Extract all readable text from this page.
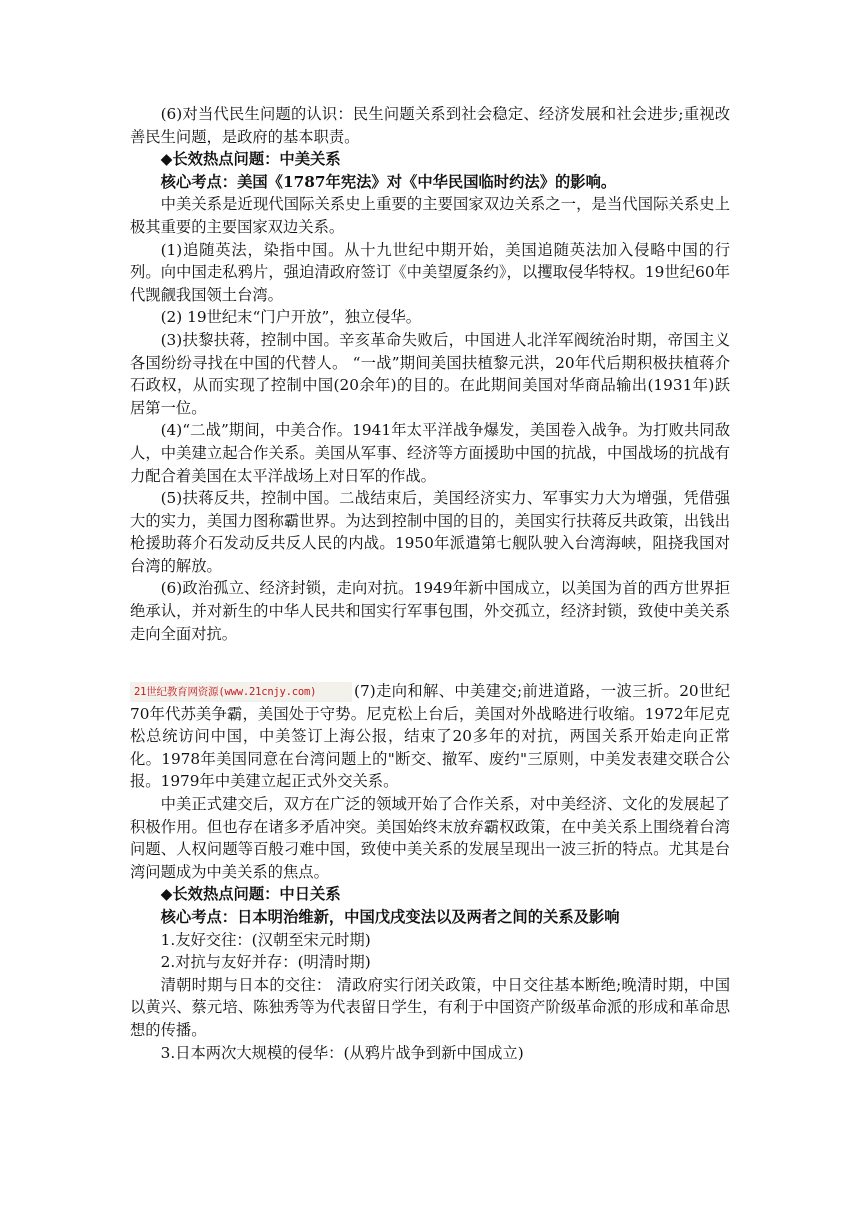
(6)对当代民生问题的认识：民生问题关系到社会稳定、经济发展和社会进步;重视改善民生问题，是政府的基本职责。

◆长效热点问题：中美关系

核心考点：美国《1787年宪法》对《中华民国临时约法》的影响。

中美关系是近现代国际关系史上重要的主要国家双边关系之一，是当代国际关系史上极其重要的主要国家双边关系。

(1)追随英法，染指中国。从十九世纪中期开始，美国追随英法加入侵略中国的行列。向中国走私鸦片，强迫清政府签订《中美望厦条约》，以攫取侵华特权。19世纪60年代觊觎我国领土台湾。

(2) 19世纪末“门户开放”，独立侵华。

(3)扶黎扶蒋，控制中国。辛亥革命失败后，中国进人北洋军阀统治时期，帝国主义各国纷纷寻找在中国的代替人。 “一战”期间美国扶植黎元洪，20年代后期积极扶植蒋介石政权，从而实现了控制中国(20余年)的目的。在此期间美国对华商品输出(1931年)跃居第一位。

(4)“二战”期间，中美合作。1941年太平洋战争爆发，美国卷入战争。为打败共同敌人，中美建立起合作关系。美国从军事、经济等方面援助中国的抗战，中国战场的抗战有力配合着美国在太平洋战场上对日军的作战。

(5)扶蒋反共，控制中国。二战结束后，美国经济实力、军事实力大为增强，凭借强大的实力，美国力图称霸世界。为达到控制中国的目的，美国实行扶蒋反共政策，出钱出枪援助蒋介石发动反共反人民的内战。1950年派遣第七舰队驶入台湾海峡，阻挠我国对台湾的解放。

(6)政治孤立、经济封锁，走向对抗。1949年新中国成立，以美国为首的西方世界拒绝承认，并对新生的中华人民共和国实行军事包围，外交孤立，经济封锁，致使中美关系走向全面对抗。

21世纪教育网资源(www.21cnjy.com) (7)走向和解、中美建交;前进道路，一波三折。20世纪70年代苏美争霸，美国处于守势。尼克松上台后，美国对外战略进行收缩。1972年尼克松总统访问中国，中美签订上海公报，结束了20多年的对抗，两国关系开始走向正常化。1978年美国同意在台湾问题上的"断交、撤军、废约"三原则，中美发表建交联合公报。1979年中美建立起正式外交关系。

中美正式建交后，双方在广泛的领域开始了合作关系，对中美经济、文化的发展起了积极作用。但也存在诸多矛盾冲突。美国始终末放弃霸权政策，在中美关系上围绕着台湾问题、人权问题等百般刁难中国，致使中美关系的发展呈现出一波三折的特点。尤其是台湾问题成为中美关系的焦点。

◆长效热点问题：中日关系

核心考点：日本明治维新，中国戊戌变法以及两者之间的关系及影响

1.友好交往：(汉朝至宋元时期)

2.对抗与友好并存：(明清时期)

清朝时期与日本的交往： 清政府实行闭关政策，中日交往基本断绝;晚清时期，中国以黄兴、蔡元培、陈独秀等为代表留日学生，有利于中国资产阶级革命派的形成和革命思想的传播。

3.日本两次大规模的侵华：(从鸦片战争到新中国成立)
